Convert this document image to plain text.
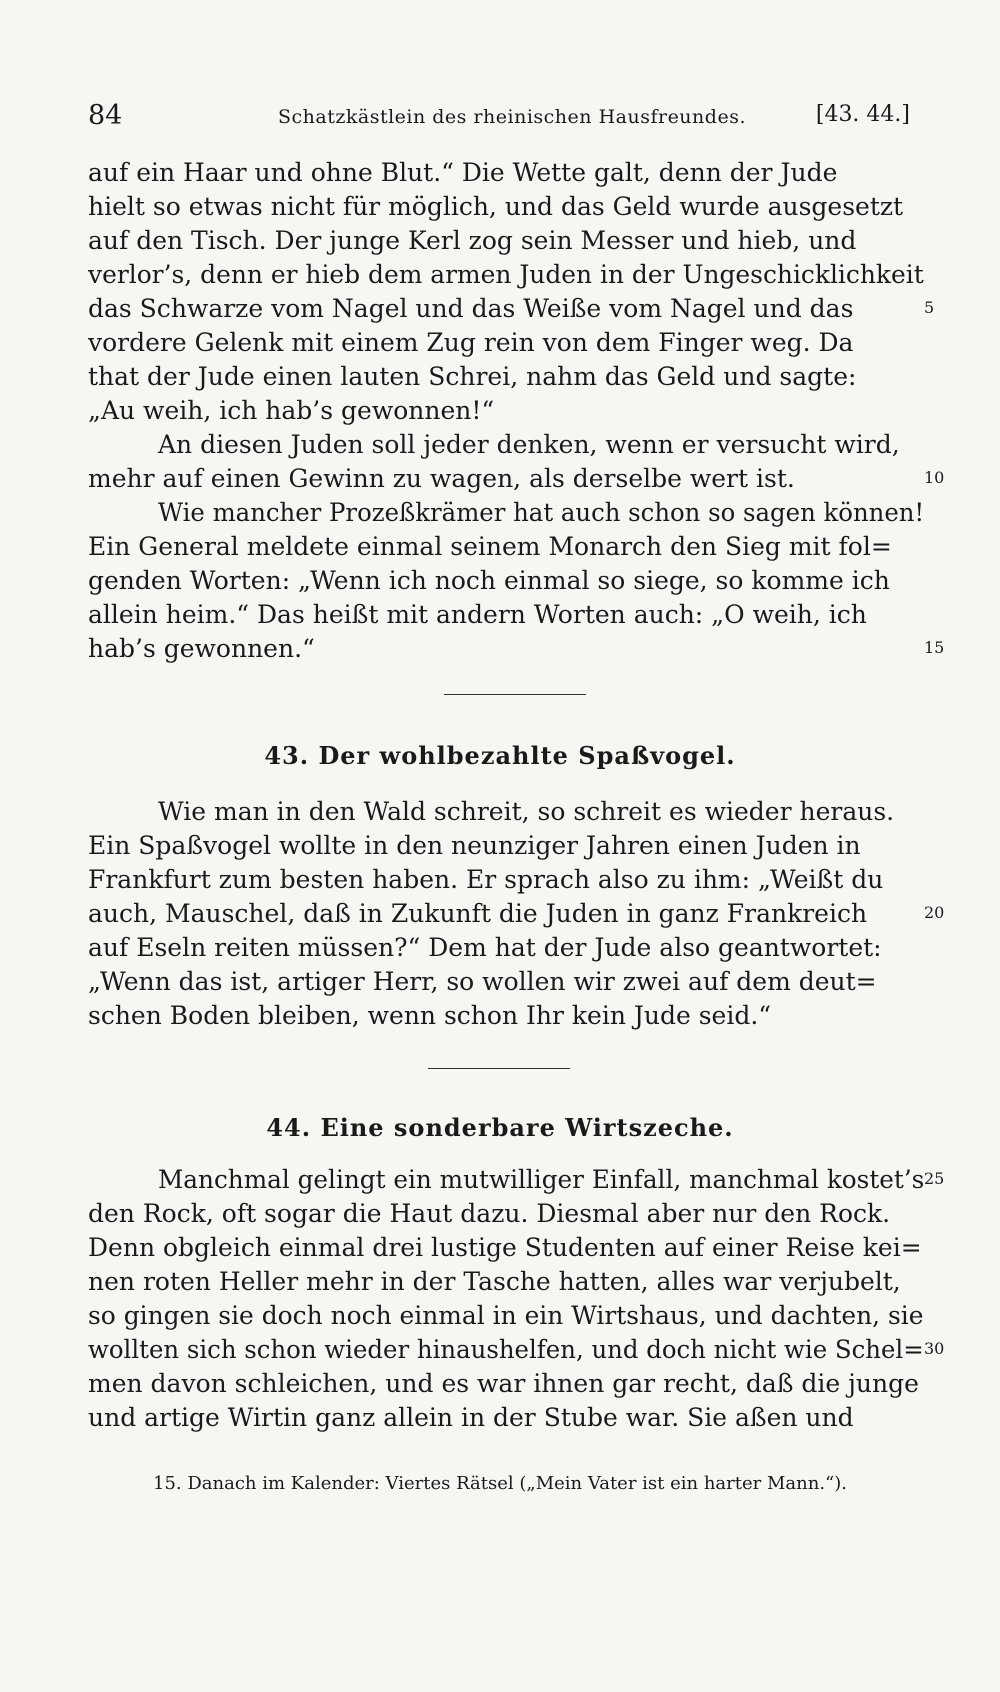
84	Schatzkästlein des rheinischen Hausfreundes.	[43. 44.]
auf ein Haar und ohne Blut.“ Die Wette galt, denn der Jude
hielt so etwas nicht für möglich, und das Geld wurde ausgesetzt
auf den Tisch. Der junge Kerl zog sein Messer und hieb, und
verlor’s, denn er hieb dem armen Juden in der Ungeschicklichkeit
das Schwarze vom Nagel und das Weiße vom Nagel und das	5
vordere Gelenk mit einem Zug rein von dem Finger weg. Da
that der Jude einen lauten Schrei, nahm das Geld und sagte:
„Au weih, ich hab’s gewonnen!“
An diesen Juden soll jeder denken, wenn er versucht wird,
mehr auf einen Gewinn zu wagen, als derselbe wert ist.	10
Wie mancher Prozeßkrämer hat auch schon so sagen können!
Ein General meldete einmal seinem Monarch den Sieg mit fol=
genden Worten: „Wenn ich noch einmal so siege, so komme ich
allein heim.“ Das heißt mit andern Worten auch: „O weih, ich
hab’s gewonnen.“	15
43. Der wohlbezahlte Spaßvogel.
Wie man in den Wald schreit, so schreit es wieder heraus.
Ein Spaßvogel wollte in den neunziger Jahren einen Juden in
Frankfurt zum besten haben. Er sprach also zu ihm: „Weißt du
auch, Mauschel, daß in Zukunft die Juden in ganz Frankreich	20
auf Eseln reiten müssen?“ Dem hat der Jude also geantwortet:
„Wenn das ist, artiger Herr, so wollen wir zwei auf dem deut=
schen Boden bleiben, wenn schon Ihr kein Jude seid.“
44. Eine sonderbare Wirtszeche.
Manchmal gelingt ein mutwilliger Einfall, manchmal kostet’s 25
den Rock, oft sogar die Haut dazu. Diesmal aber nur den Rock.
Denn obgleich einmal drei lustige Studenten auf einer Reise kei=
nen roten Heller mehr in der Tasche hatten, alles war verjubelt,
so gingen sie doch noch einmal in ein Wirtshaus, und dachten, sie
wollten sich schon wieder hinaushelfen, und doch nicht wie Schel= 30
men davon schleichen, und es war ihnen gar recht, daß die junge
und artige Wirtin ganz allein in der Stube war. Sie aßen und
15. Danach im Kalender: Viertes Rätsel („Mein Vater ist ein harter Mann.“).
